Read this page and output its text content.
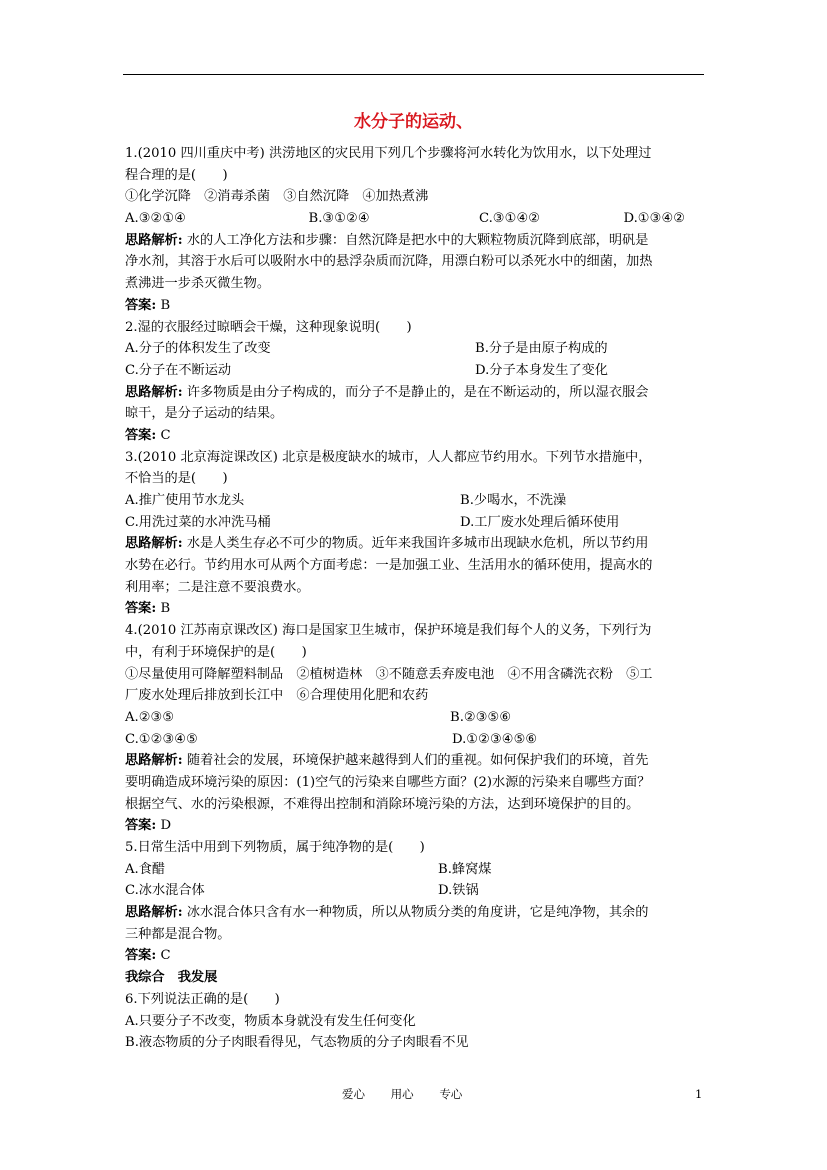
水分子的运动、
1.(2010 四川重庆中考) 洪涝地区的灾民用下列几个步骤将河水转化为饮用水，以下处理过
程合理的是(　　)
①化学沉降　②消毒杀菌　③自然沉降　④加热煮沸
A.③②①④	B.③①②④	C.③①④②	D.①③④②
思路解析:
水的人工净化方法和步骤：自然沉降是把水中的大颗粒物质沉降到底部，明矾是
净水剂，其溶于水后可以吸附水中的悬浮杂质而沉降，用漂白粉可以杀死水中的细菌，加热
煮沸进一步杀灭微生物。
答案:
B
2.湿的衣服经过晾晒会干燥，这种现象说明(　　)
A.分子的体积发生了改变	B.分子是由原子构成的
C.分子在不断运动	D.分子本身发生了变化
思路解析:
许多物质是由分子构成的，而分子不是静止的，是在不断运动的，所以湿衣服会
晾干，是分子运动的结果。
答案:
C
3.(2010 北京海淀课改区) 北京是极度缺水的城市，人人都应节约用水。下列节水措施中，
不恰当的是(　　)
A.推广使用节水龙头	B.少喝水，不洗澡
C.用洗过菜的水冲洗马桶	D.工厂废水处理后循环使用
思路解析:
水是人类生存必不可少的物质。近年来我国许多城市出现缺水危机，所以节约用
水势在必行。节约用水可从两个方面考虑：一是加强工业、生活用水的循环使用，提高水的
利用率；二是注意不要浪费水。
答案:
B
4.(2010 江苏南京课改区) 海口是国家卫生城市，保护环境是我们每个人的义务，下列行为
中，有利于环境保护的是(　　)
①尽量使用可降解塑料制品　②植树造林　③不随意丢弃废电池　④不用含磷洗衣粉　⑤工
厂废水处理后排放到长江中　⑥合理使用化肥和农药
A.②③⑤	B.②③⑤⑥
C.①②③④⑤	D.①②③④⑤⑥
思路解析:
随着社会的发展，环境保护越来越得到人们的重视。如何保护我们的环境，首先
要明确造成环境污染的原因：(1)空气的污染来自哪些方面？(2)水源的污染来自哪些方面？
根据空气、水的污染根源，不难得出控制和消除环境污染的方法，达到环境保护的目的。
答案:
D
5.日常生活中用到下列物质，属于纯净物的是(　　)
A.食醋	B.蜂窝煤
C.冰水混合体	D.铁锅
思路解析:
冰水混合体只含有水一种物质，所以从物质分类的角度讲，它是纯净物，其余的
三种都是混合物。
答案:
C
我综合　我发展
6.下列说法正确的是(　　)
A.只要分子不改变，物质本身就没有发生任何变化
B.液态物质的分子肉眼看得见，气态物质的分子肉眼看不见
爱心 用心 专心	1
